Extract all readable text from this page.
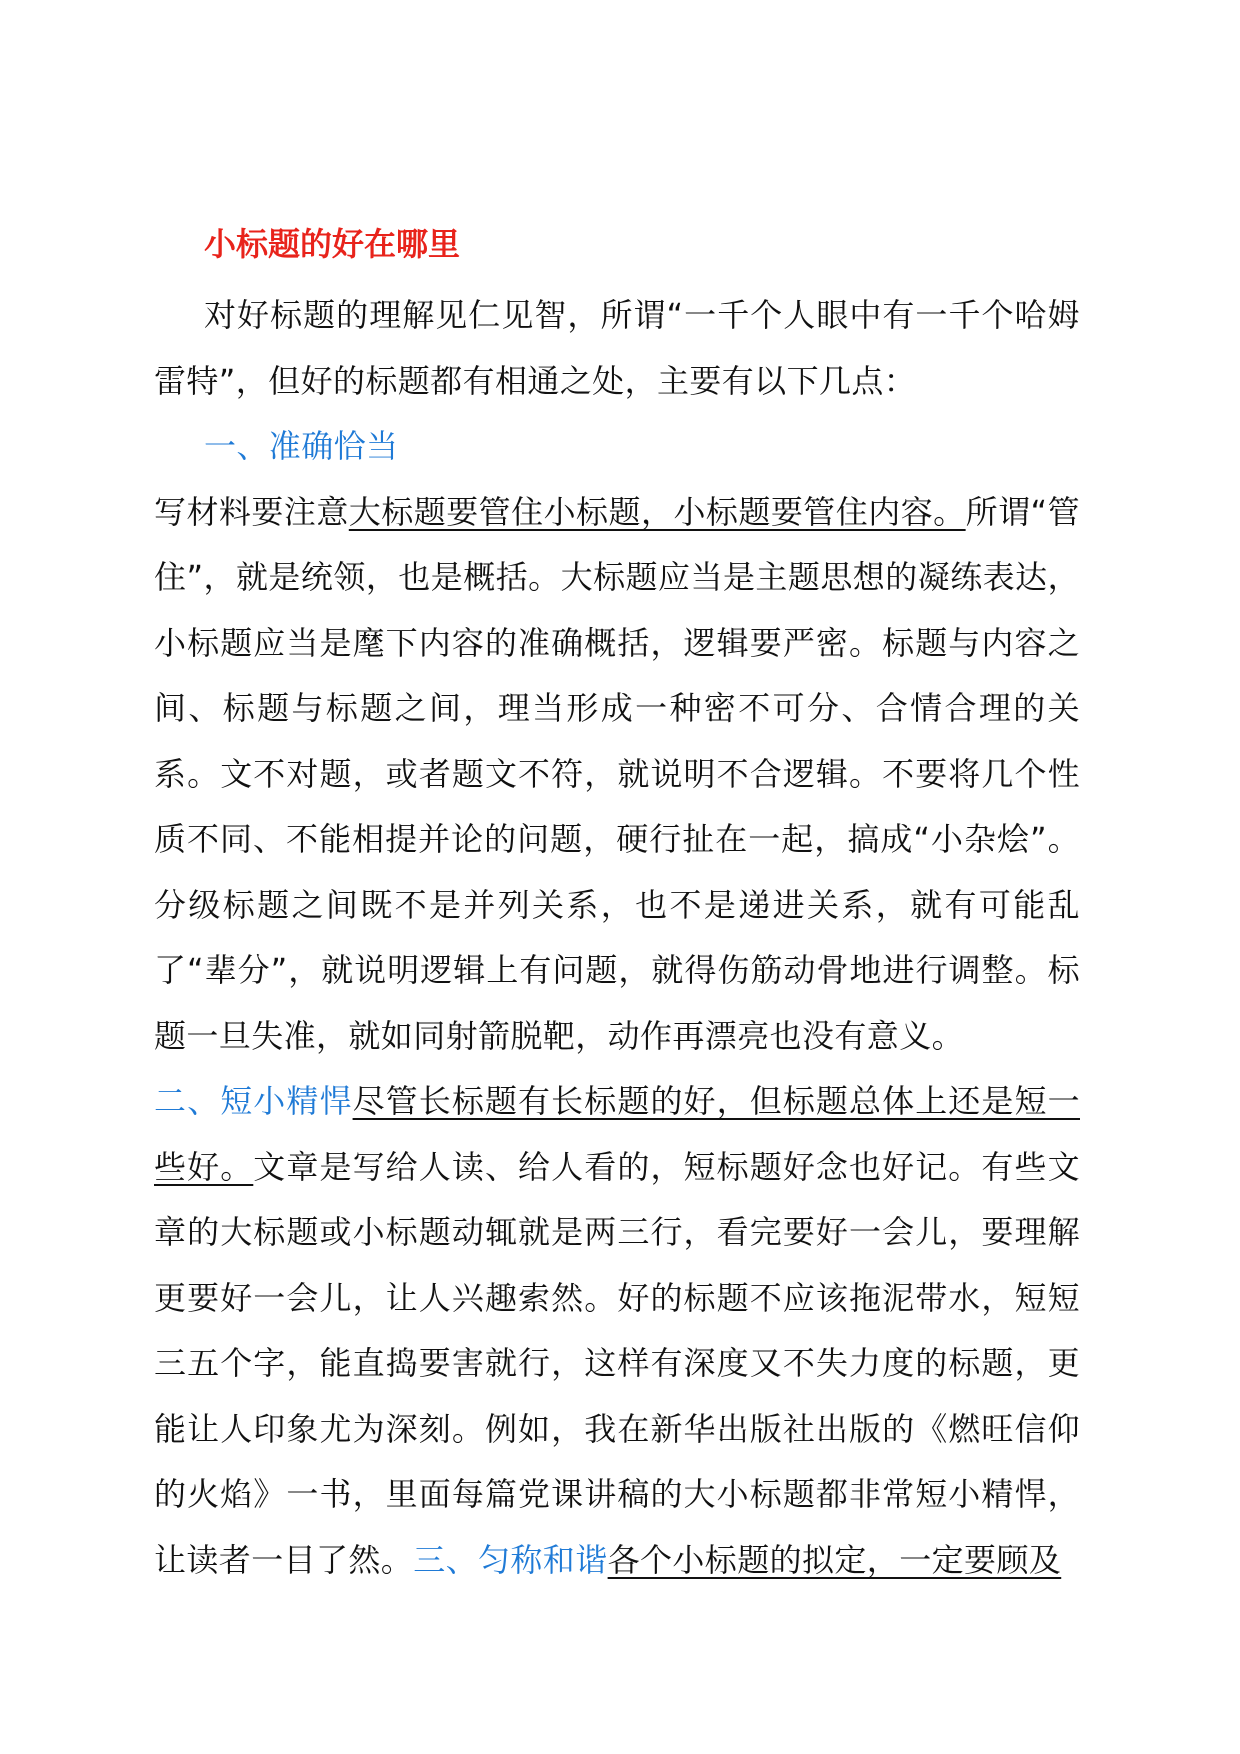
小标题的好在哪里

对好标题的理解见仁见智，所谓“一千个人眼中有一千个哈姆雷特”，但好的标题都有相通之处，主要有以下几点：

一、准确恰当

写材料要注意大标题要管住小标题，小标题要管住内容。所谓“管住”，就是统领，也是概括。大标题应当是主题思想的凝练表达，小标题应当是麾下内容的准确概括，逻辑要严密。标题与内容之间、标题与标题之间，理当形成一种密不可分、合情合理的关系。文不对题，或者题文不符，就说明不合逻辑。不要将几个性质不同、不能相提并论的问题，硬行扯在一起，搞成“小杂烩”。分级标题之间既不是并列关系，也不是递进关系，就有可能乱了“辈分”，就说明逻辑上有问题，就得伤筋动骨地进行调整。标题一旦失准，就如同射箭脱靶，动作再漂亮也没有意义。

二、短小精悍尽管长标题有长标题的好，但标题总体上还是短一些好。文章是写给人读、给人看的，短标题好念也好记。有些文章的大标题或小标题动辄就是两三行，看完要好一会儿，要理解更要好一会儿，让人兴趣索然。好的标题不应该拖泥带水，短短三五个字，能直捣要害就行，这样有深度又不失力度的标题，更能让人印象尤为深刻。例如，我在新华出版社出版的《燃旺信仰的火焰》一书，里面每篇党课讲稿的大小标题都非常短小精悍，让读者一目了然。三、匀称和谐各个小标题的拟定，一定要顾及
